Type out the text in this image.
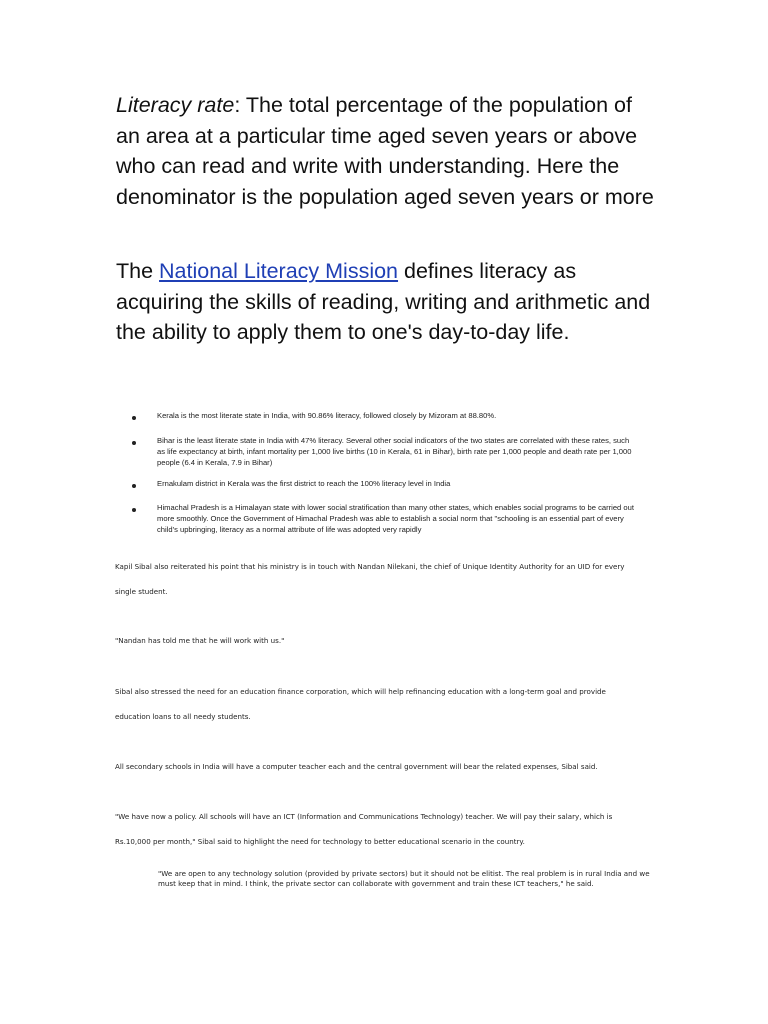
Literacy rate: The total percentage of the population of an area at a particular time aged seven years or above who can read and write with understanding. Here the denominator is the population aged seven years or more

The National Literacy Mission defines literacy as acquiring the skills of reading, writing and arithmetic and the ability to apply them to one's day-to-day life.

Kerala is the most literate state in India, with 90.86% literacy, followed closely by Mizoram at 88.80%.

Bihar is the least literate state in India with 47% literacy. Several other social indicators of the two states are correlated with these rates, such as life expectancy at birth, infant mortality per 1,000 live births (10 in Kerala, 61 in Bihar), birth rate per 1,000 people and death rate per 1,000 people (6.4 in Kerala, 7.9 in Bihar)

Ernakulam district in Kerala was the first district to reach the 100% literacy level in India

Himachal Pradesh is a Himalayan state with lower social stratification than many other states, which enables social programs to be carried out more smoothly. Once the Government of Himachal Pradesh was able to establish a social norm that "schooling is an essential part of every child's upbringing, literacy as a normal attribute of life was adopted very rapidly

Kapil Sibal also reiterated his point that his ministry is in touch with Nandan Nilekani, the chief of Unique Identity Authority for an UID for every

single student.

"Nandan has told me that he will work with us."

Sibal also stressed the need for an education finance corporation, which will help refinancing education with a long-term goal and provide

education loans to all needy students.

All secondary schools in India will have a computer teacher each and the central government will bear the related expenses, Sibal said.

"We have now a policy. All schools will have an ICT (Information and Communications Technology) teacher. We will pay their salary, which is

Rs.10,000 per month," Sibal said to highlight the need for technology to better educational scenario in the country.

"We are open to any technology solution (provided by private sectors) but it should not be elitist. The real problem is in rural India and we must keep that in mind. I think, the private sector can collaborate with government and train these ICT teachers," he said.
